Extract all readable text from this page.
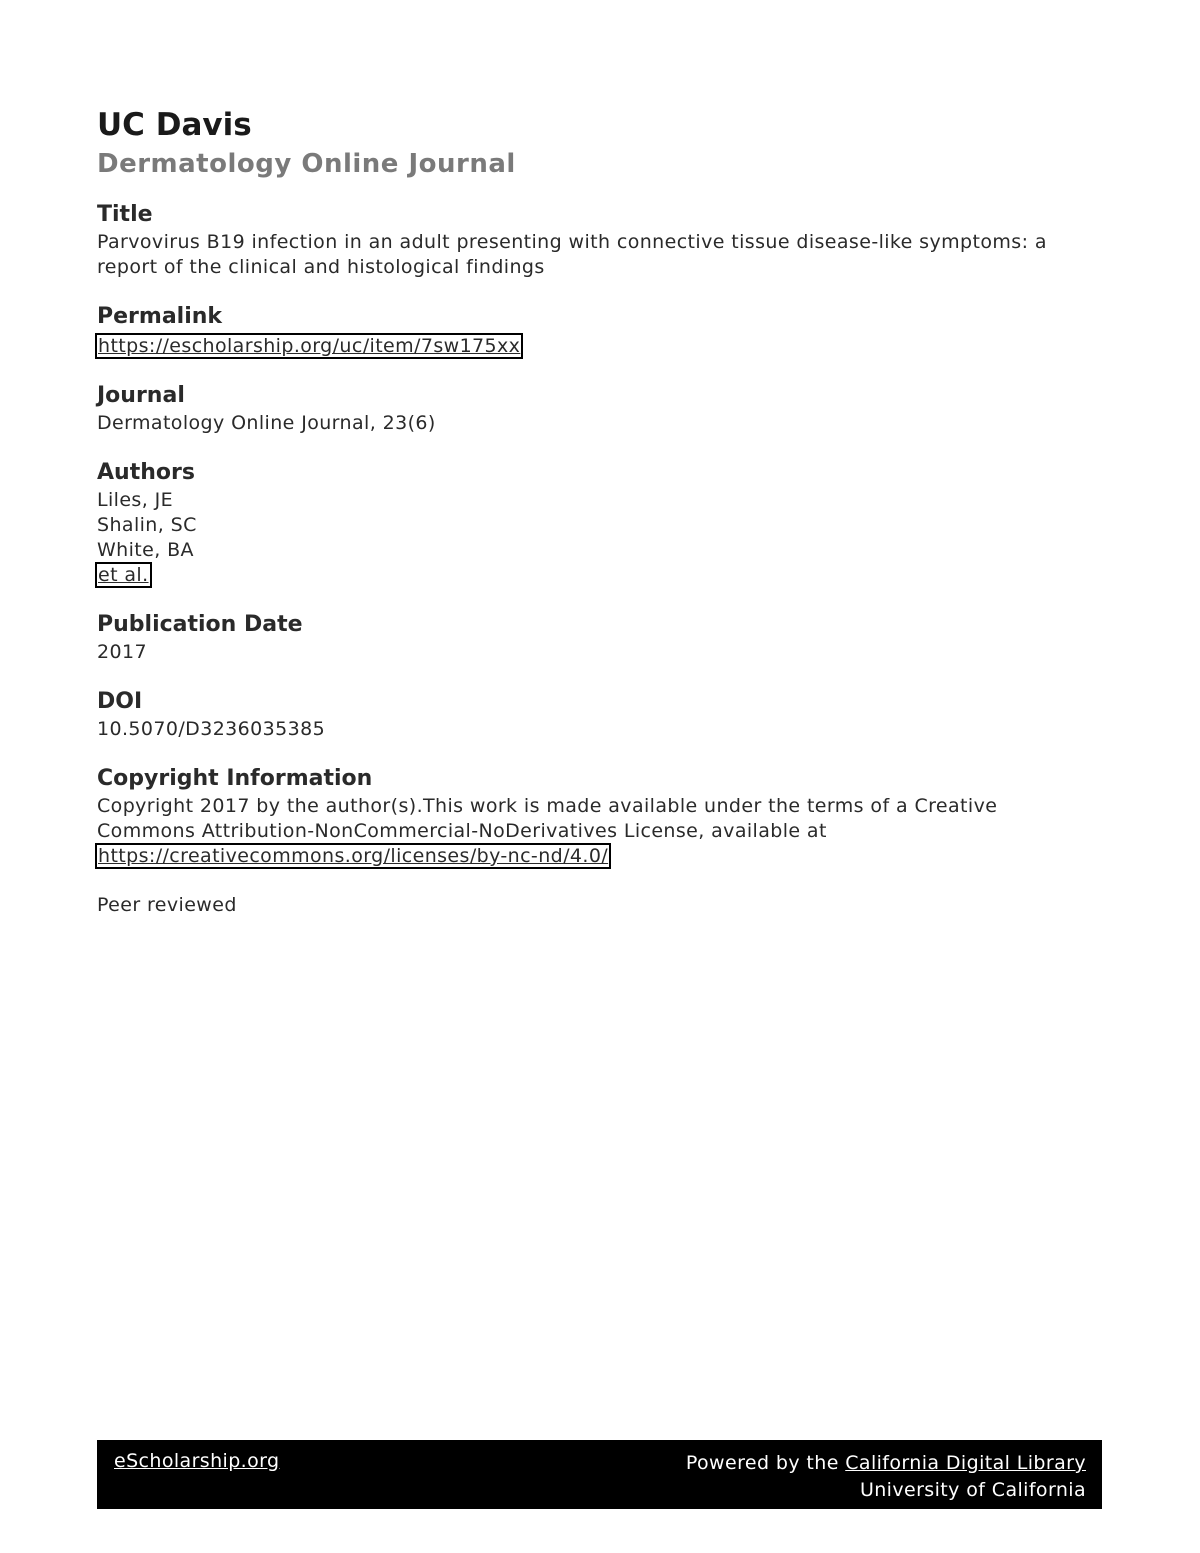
UC Davis
Dermatology Online Journal
Title
Parvovirus B19 infection in an adult presenting with connective tissue disease-like symptoms: a report of the clinical and histological findings
Permalink
https://escholarship.org/uc/item/7sw175xx
Journal
Dermatology Online Journal, 23(6)
Authors
Liles, JE
Shalin, SC
White, BA
et al.
Publication Date
2017
DOI
10.5070/D3236035385
Copyright Information
Copyright 2017 by the author(s).This work is made available under the terms of a Creative Commons Attribution-NonCommercial-NoDerivatives License, available at
https://creativecommons.org/licenses/by-nc-nd/4.0/
Peer reviewed
eScholarship.org	Powered by the California Digital Library
University of California
